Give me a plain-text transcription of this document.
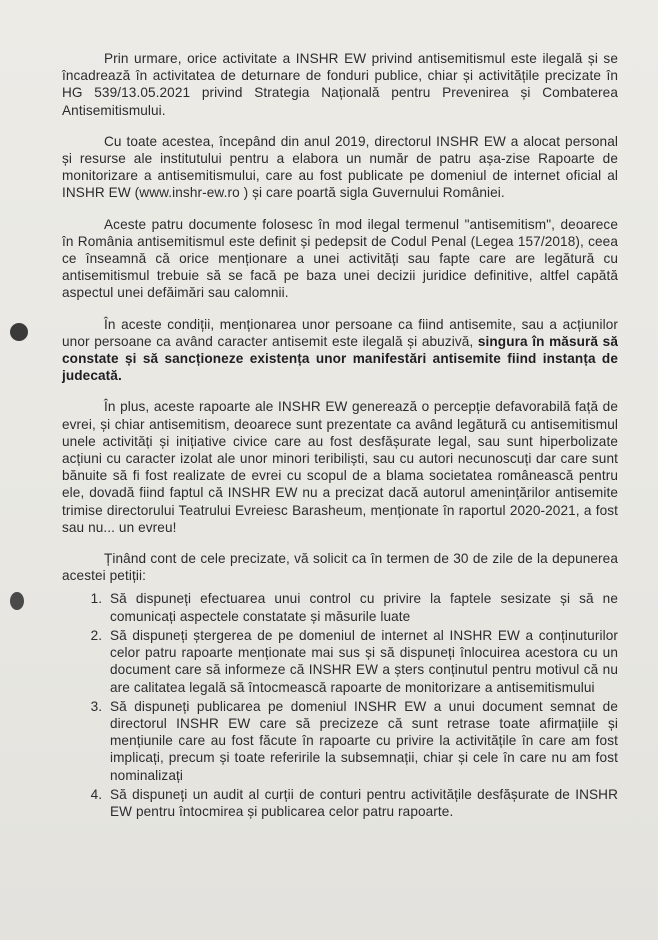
Prin urmare, orice activitate a INSHR EW privind antisemitismul este ilegală și se încadrează în activitatea de deturnare de fonduri publice, chiar și activitățile precizate în HG 539/13.05.2021 privind Strategia Națională pentru Prevenirea și Combaterea Antisemitismului.

Cu toate acestea, începând din anul 2019, directorul INSHR EW a alocat personal și resurse ale institutului pentru a elabora un număr de patru așa-zise Rapoarte de monitorizare a antisemitismului, care au fost publicate pe domeniul de internet oficial al INSHR EW (www.inshr-ew.ro ) și care poartă sigla Guvernului României.

Aceste patru documente folosesc în mod ilegal termenul "antisemitism", deoarece în România antisemitismul este definit și pedepsit de Codul Penal (Legea 157/2018), ceea ce înseamnă că orice menționare a unei activități sau fapte care are legătură cu antisemitismul trebuie să se facă pe baza unei decizii juridice definitive, altfel capătă aspectul unei defăimări sau calomnii.

În aceste condiții, menționarea unor persoane ca fiind antisemite, sau a acțiunilor unor persoane ca având caracter antisemit este ilegală și abuzivă, singura în măsură să constate și să sancționeze existența unor manifestări antisemite fiind instanța de judecată.

În plus, aceste rapoarte ale INSHR EW generează o percepție defavorabilă față de evrei, și chiar antisemitism, deoarece sunt prezentate ca având legătură cu antisemitismul unele activități și inițiative civice care au fost desfășurate legal, sau sunt hiperbolizate acțiuni cu caracter izolat ale unor minori teribiliști, sau cu autori necunoscuți dar care sunt bănuite să fi fost realizate de evrei cu scopul de a blama societatea românească pentru ele, dovadă fiind faptul că INSHR EW nu a precizat dacă autorul amenințărilor antisemite trimise directorului Teatrului Evreiesc Barasheum, menționate în raportul 2020-2021, a fost sau nu... un evreu!

Ținând cont de cele precizate, vă solicit ca în termen de 30 de zile de la depunerea acestei petiții:

1. Să dispuneți efectuarea unui control cu privire la faptele sesizate și să ne comunicați aspectele constatate și măsurile luate
2. Să dispuneți ștergerea de pe domeniul de internet al INSHR EW a conținuturilor celor patru rapoarte menționate mai sus și să dispuneți înlocuirea acestora cu un document care să informeze că INSHR EW a șters conținutul pentru motivul că nu are calitatea legală să întocmească rapoarte de monitorizare a antisemitismului
3. Să dispuneți publicarea pe domeniul INSHR EW a unui document semnat de directorul INSHR EW care să precizeze că sunt retrase toate afirmațiile și mențiunile care au fost făcute în rapoarte cu privire la activitățile în care am fost implicați, precum și toate referirile la subsemnații, chiar și cele în care nu am fost nominalizați
4. Să dispuneți un audit al curții de conturi pentru activitățile desfășurate de INSHR EW pentru întocmirea și publicarea celor patru rapoarte.
